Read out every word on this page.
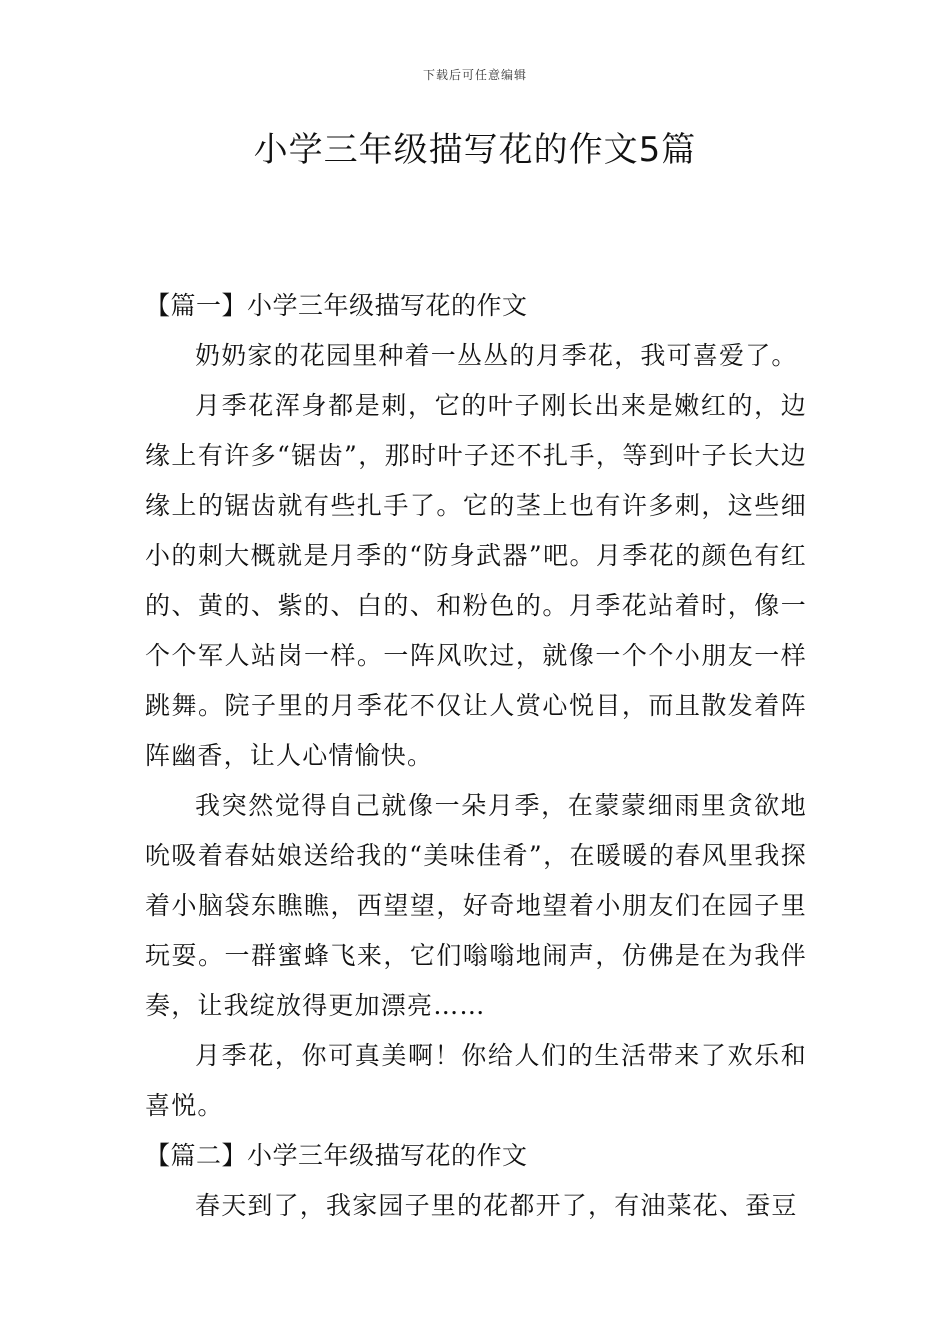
下载后可任意编辑
小学三年级描写花的作文5篇

【篇一】小学三年级描写花的作文

奶奶家的花园里种着一丛丛的月季花，我可喜爱了。

月季花浑身都是刺，它的叶子刚长出来是嫩红的，边缘上有许多“锯齿”，那时叶子还不扎手，等到叶子长大边缘上的锯齿就有些扎手了。它的茎上也有许多刺，这些细小的刺大概就是月季的“防身武器”吧。月季花的颜色有红的、黄的、紫的、白的、和粉色的。月季花站着时，像一个个军人站岗一样。一阵风吹过，就像一个个小朋友一样跳舞。院子里的月季花不仅让人赏心悦目，而且散发着阵阵幽香，让人心情愉快。

我突然觉得自己就像一朵月季，在蒙蒙细雨里贪欲地吮吸着春姑娘送给我的“美味佳肴”，在暖暖的春风里我探着小脑袋东瞧瞧，西望望，好奇地望着小朋友们在园子里玩耍。一群蜜蜂飞来，它们嗡嗡地闹声，仿佛是在为我伴奏，让我绽放得更加漂亮……

月季花，你可真美啊！你给人们的生活带来了欢乐和喜悦。

【篇二】小学三年级描写花的作文

春天到了，我家园子里的花都开了，有油菜花、蚕豆
